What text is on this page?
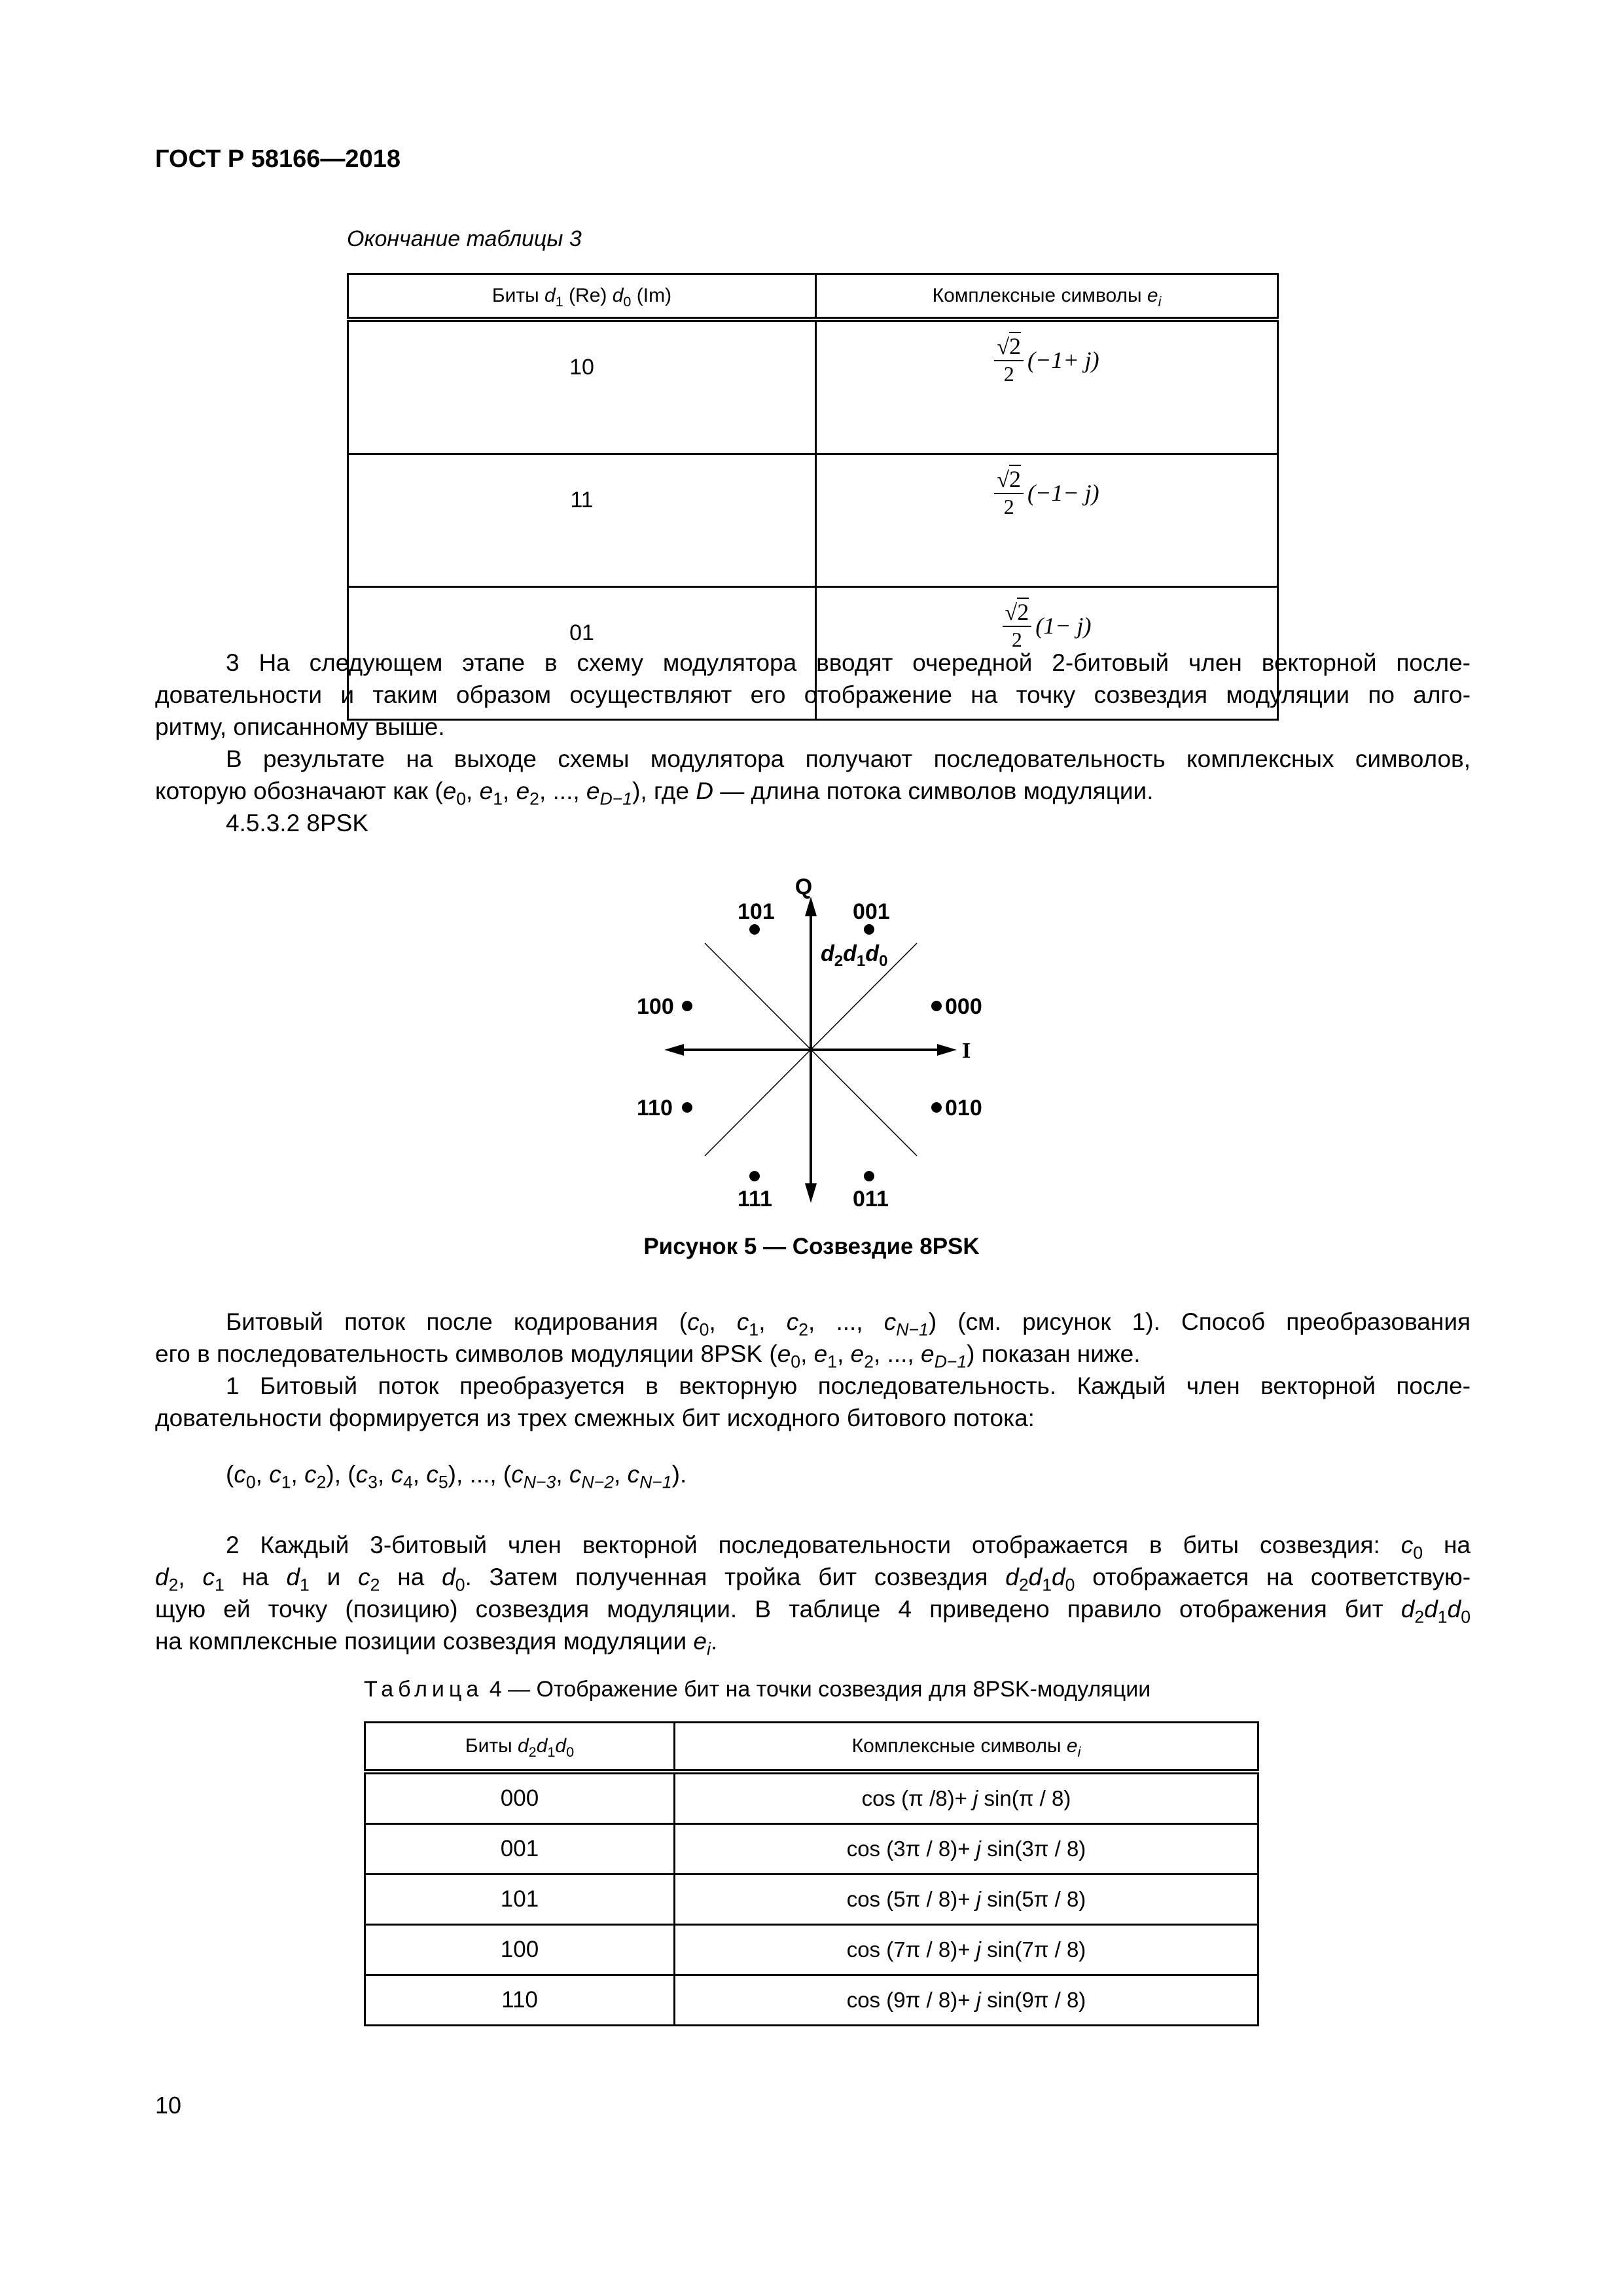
ГОСТ Р 58166—2018
Окончание таблицы 3
Биты $d_1$ (Re) $d_0$ (Im)	Комплексные символы $e_i$
10	$\frac{√2}{2} (-1+ j)$

11	$\frac{√2}{2} (-1- j)$

01	$\frac{√2}{2} (1- j)$

3 На следующем этапе в схему модулятора вводят очередной 2-битовый член векторной после-

довательности и таким образом осуществляют его отображение на точку созвездия модуляции по алго-

ритму, описанному выше.

В результате на выходе схемы модулятора получают последовательность комплексных символов,

которую обозначают как ($e_0$, $e_1$, $e_2$, ..., $e_{D-1}$), где D — длина потока символов модуляции.

4.5.3.2 8PSK

Q
I
$d_2d_1d_0$
000
001
101
100
110
111	011
010
Рисунок 5 — Созвездие 8PSK

Битовый поток после кодирования ($c_0$, $c_1$, $c_2$, ..., $c_{N-1}$) (см. рисунок 1). Способ преобразования

его в последовательность символов модуляции 8PSK ($e_0$, $e_1$, $e_2$, ..., $e_{D-1}$) показан ниже.

1 Битовый поток преобразуется в векторную последовательность. Каждый член векторной после-

довательности формируется из трех смежных бит исходного битового потока:

($c_0$, $c_1$, $c_2$), ($c_3$, $c_4$, $c_5$), ..., ($c_{N-3}$, $c_{N-2}$, $c_{N-1}$).

2 Каждый 3-битовый член векторной последовательности отображается в биты созвездия: $c_0$ на

$d_2$, $c_1$ на $d_1$ и $c_2$ на $d_0$. Затем полученная тройка бит созвездия $d_2d_1d_0$ отображается на соответствую-

щую ей точку (позицию) созвездия модуляции. В таблице 4 приведено правило отображения бит $d_2d_1d_0$

на комплексные позиции созвездия модуляции $e_i$.

Таблица 4 — Отображение бит на точки созвездия для 8PSK-модуляции
Биты $d_2d_1d_0$	Комплексные символы $e_i$
000	cos (π /8)+ j sin(π / 8)
001	cos (3π / 8)+ j sin(3π / 8)
101	cos (5π / 8)+ j sin(5π / 8)
100	cos (7π / 8)+ j sin(7π / 8)
110	cos (9π / 8)+ j sin(9π / 8)
10
